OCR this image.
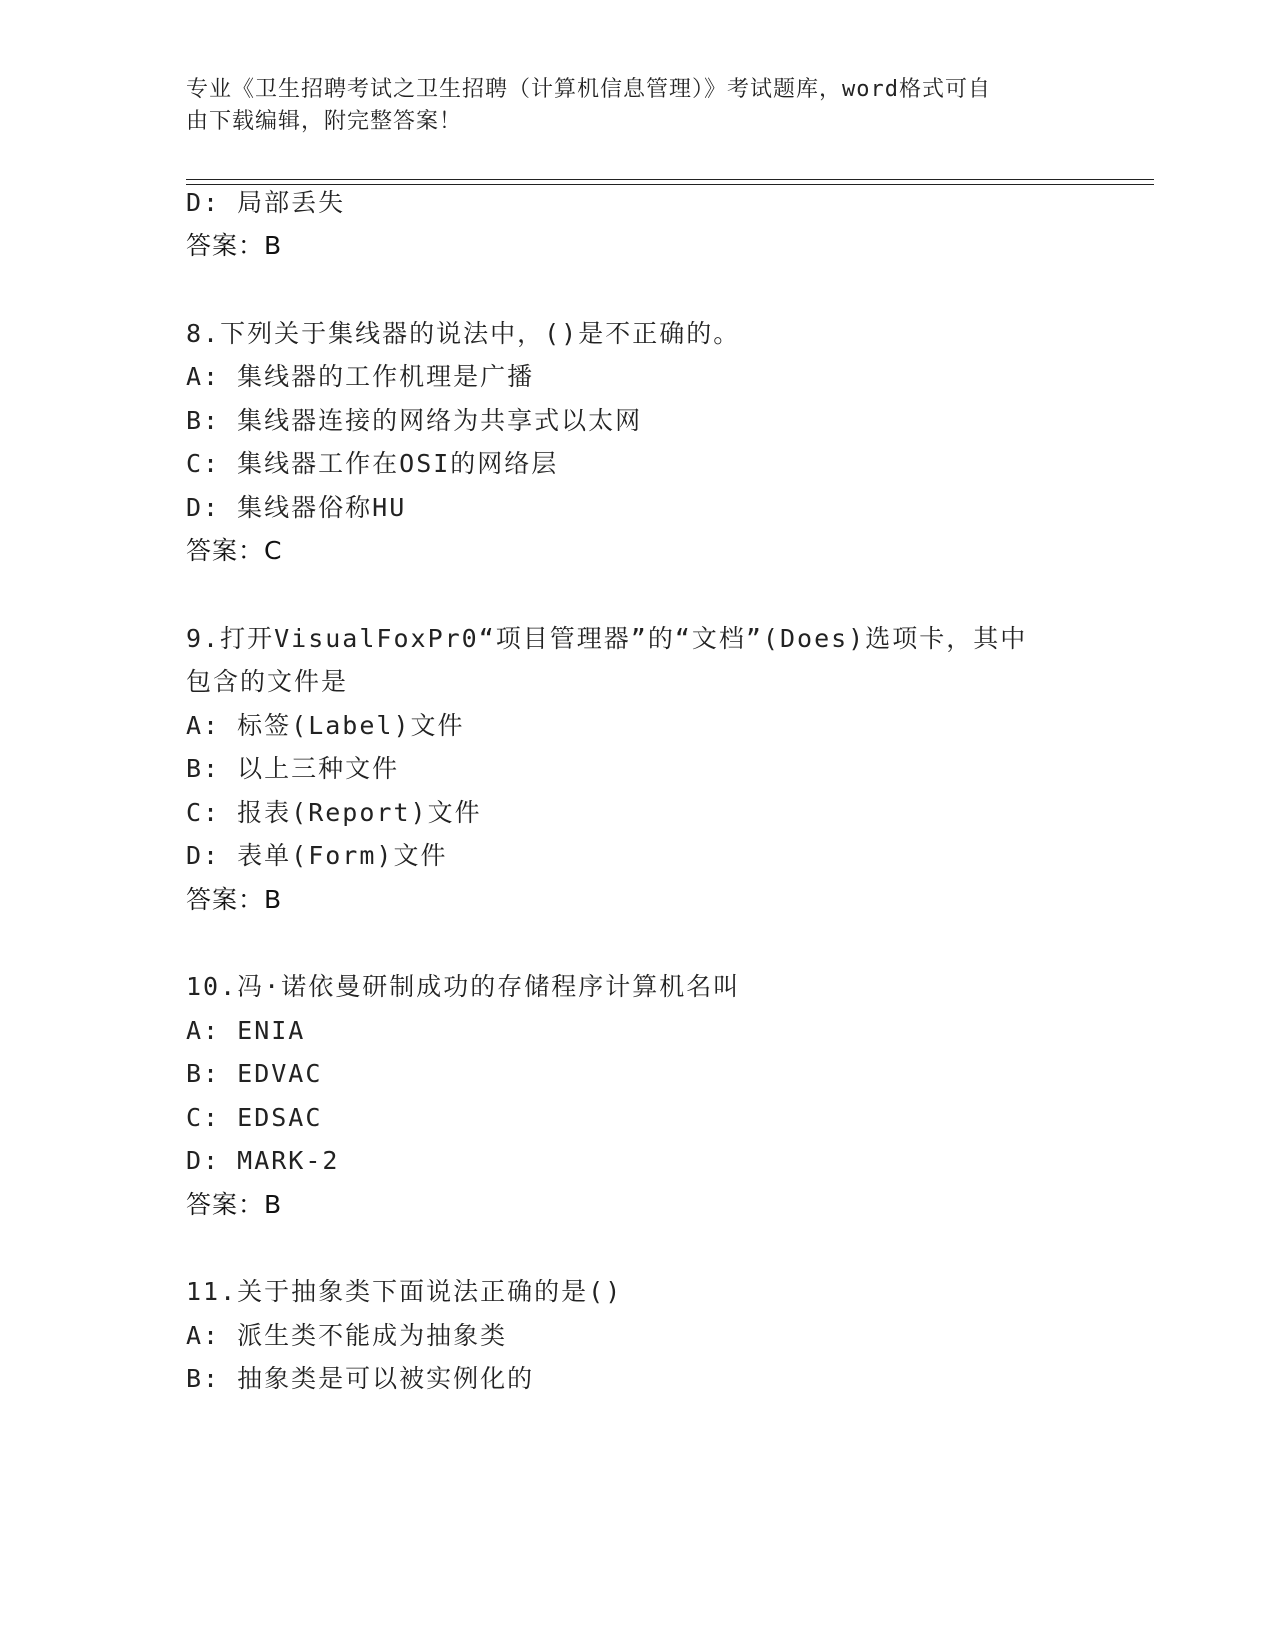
专业《卫生招聘考试之卫生招聘（计算机信息管理）》考试题库，word格式可自
由下载编辑，附完整答案！
D: 局部丢失
答案：B
8.下列关于集线器的说法中，()是不正确的。
A: 集线器的工作机理是广播
B: 集线器连接的网络为共享式以太网
C: 集线器工作在OSI的网络层
D: 集线器俗称HU
答案：C
9.打开VisualFoxPr0“项目管理器”的“文档”(Does)选项卡，其中
包含的文件是
A: 标签(Label)文件
B: 以上三种文件
C: 报表(Report)文件
D: 表单(Form)文件
答案：B
10.冯·诺依曼研制成功的存储程序计算机名叫
A: ENIA
B: EDVAC
C: EDSAC
D: MARK-2
答案：B
11.关于抽象类下面说法正确的是()
A: 派生类不能成为抽象类
B: 抽象类是可以被实例化的
